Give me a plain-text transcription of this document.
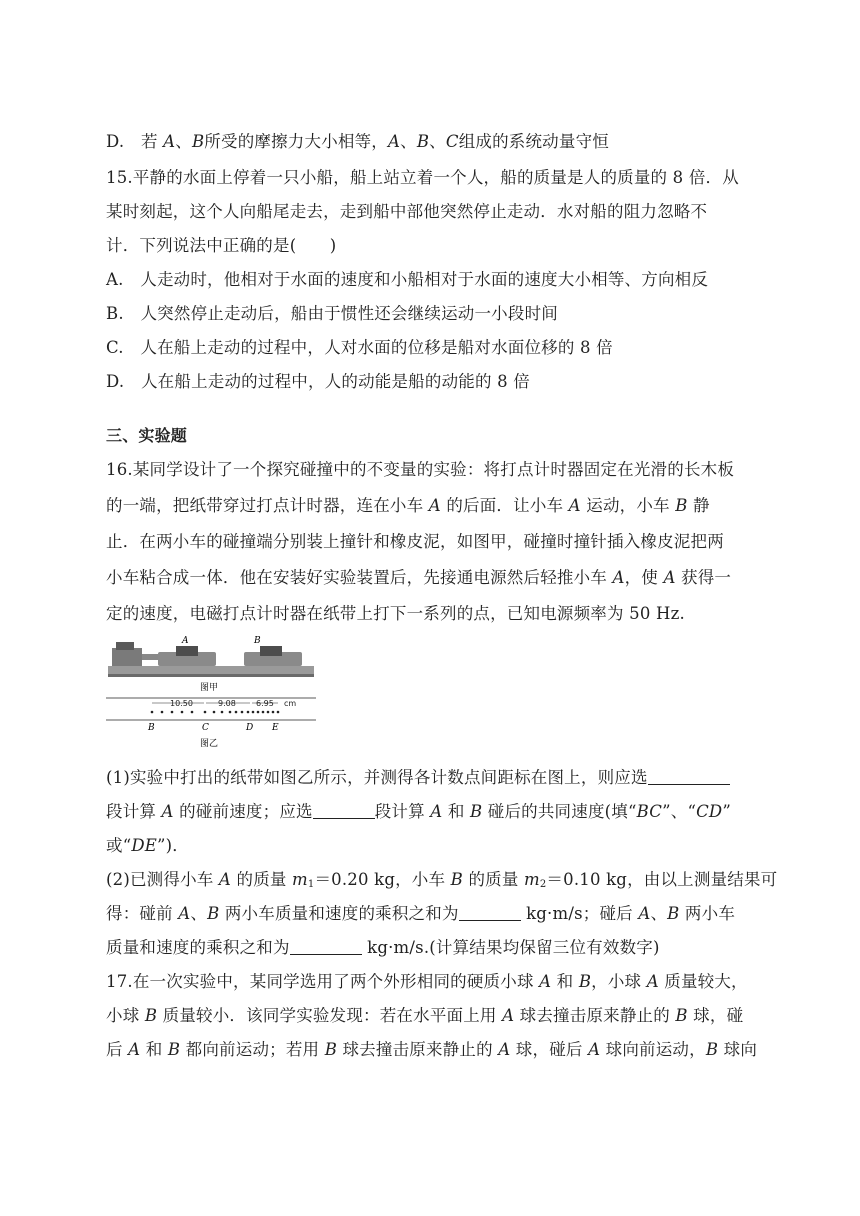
D.　若 A、B所受的摩擦力大小相等，A、B、C组成的系统动量守恒
15.平静的水面上停着一只小船，船上站立着一个人，船的质量是人的质量的 8 倍．从
某时刻起，这个人向船尾走去，走到船中部他突然停止走动．水对船的阻力忽略不
计．下列说法中正确的是(　　)
A.　人走动时，他相对于水面的速度和小船相对于水面的速度大小相等、方向相反
B.　人突然停止走动后，船由于惯性还会继续运动一小段时间
C.　人在船上走动的过程中，人对水面的位移是船对水面位移的 8 倍
D.　人在船上走动的过程中，人的动能是船的动能的 8 倍
三、实验题
16.某同学设计了一个探究碰撞中的不变量的实验：将打点计时器固定在光滑的长木板
的一端，把纸带穿过打点计时器，连在小车 A 的后面．让小车 A 运动，小车 B 静
止．在两小车的碰撞端分别装上撞针和橡皮泥，如图甲，碰撞时撞针插入橡皮泥把两
小车粘合成一体．他在安装好实验装置后，先接通电源然后轻推小车 A，使 A 获得一
定的速度，电磁打点计时器在纸带上打下一系列的点，已知电源频率为 50 Hz.
A	B
图甲
10.50	9.08	6.95 cm
B	C	D E
图乙
(1)实验中打出的纸带如图乙所示，并测得各计数点间距标在图上，则应选
段计算 A 的碰前速度；应选	段计算 A 和 B 碰后的共同速度(填“BC”、“CD”
或“DE”)．
(2)已测得小车 A 的质量 $m_1=0.20$ kg，小车 B 的质量 $m_2=0.10$ kg，由以上测量结果可
得：碰前 A、B 两小车质量和速度的乘积之和为	kg·m/s；碰后 A、B 两小车
质量和速度的乘积之和为	kg·m/s.(计算结果均保留三位有效数字)
17.在一次实验中，某同学选用了两个外形相同的硬质小球 A 和 B，小球 A 质量较大，
小球 B 质量较小．该同学实验发现：若在水平面上用 A 球去撞击原来静止的 B 球，碰
后 A 和 B 都向前运动；若用 B 球去撞击原来静止的 A 球，碰后 A 球向前运动，B 球向
